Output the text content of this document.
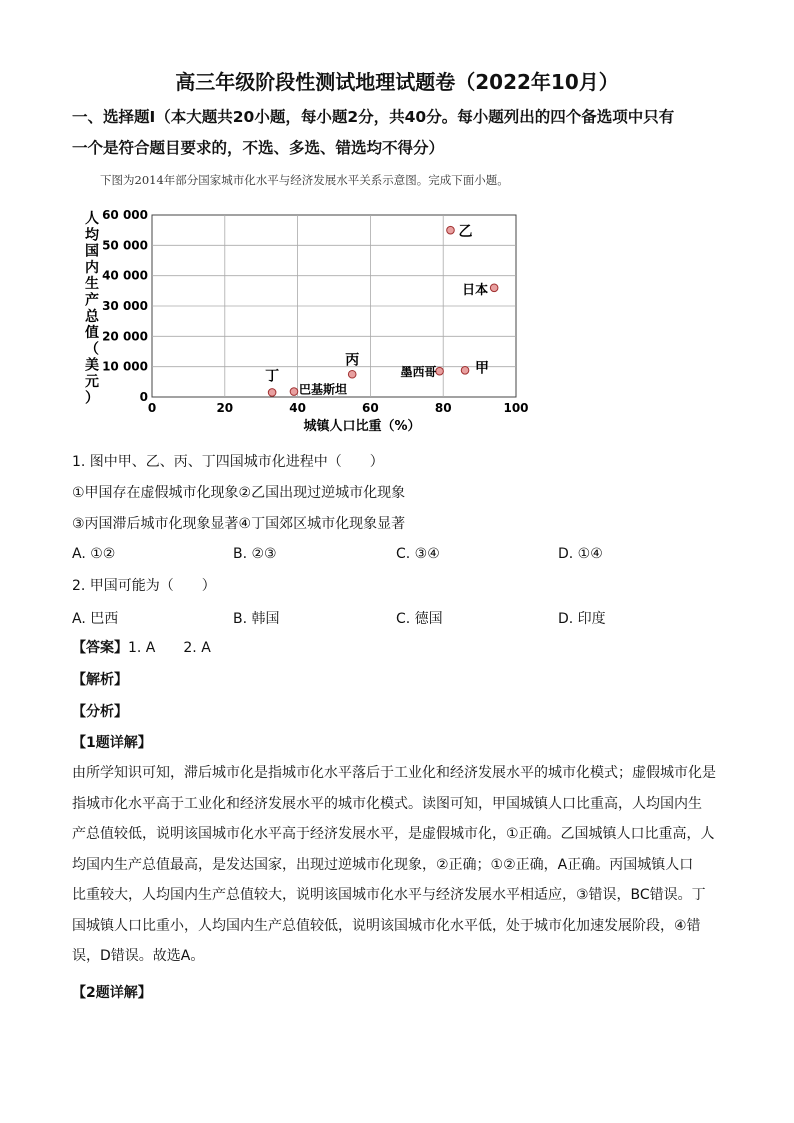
高三年级阶段性测试地理试题卷（2022年10月）
一、选择题Ⅰ（本大题共20小题，每小题2分，共40分。每小题列出的四个备选项中只有
一个是符合题目要求的，不选、多选、错选均不得分）
下图为2014年部分国家城市化水平与经济发展水平关系示意图。完成下面小题。
人
均
国
内
生
产
总
值
（
美
元
）	0
10 000
20 000
30 000
40 000
50 000
60 000
0	20	40	60	80	100
乙
日本
丙
墨西哥	甲
丁
巴基斯坦
城镇人口比重（%）
1. 图中甲、乙、丙、丁四国城市化进程中（　　）
①甲国存在虚假城市化现象②乙国出现过逆城市化现象
③丙国滞后城市化现象显著④丁国郊区城市化现象显著
A. ①②	B. ②③	C. ③④	D. ①④
2. 甲国可能为（　　）
A. 巴西	B. 韩国	C. 德国	D. 印度
【答案】1. A　　2. A
【解析】
【分析】
【1题详解】
由所学知识可知，滞后城市化是指城市化水平落后于工业化和经济发展水平的城市化模式；虚假城市化是
指城市化水平高于工业化和经济发展水平的城市化模式。读图可知，甲国城镇人口比重高，人均国内生
产总值较低，说明该国城市化水平高于经济发展水平，是虚假城市化，①正确。乙国城镇人口比重高，人
均国内生产总值最高，是发达国家，出现过逆城市化现象，②正确；①②正确，A正确。丙国城镇人口
比重较大，人均国内生产总值较大，说明该国城市化水平与经济发展水平相适应，③错误，BC错误。丁
国城镇人口比重小，人均国内生产总值较低，说明该国城市化水平低，处于城市化加速发展阶段，④错
误，D错误。故选A。
【2题详解】
